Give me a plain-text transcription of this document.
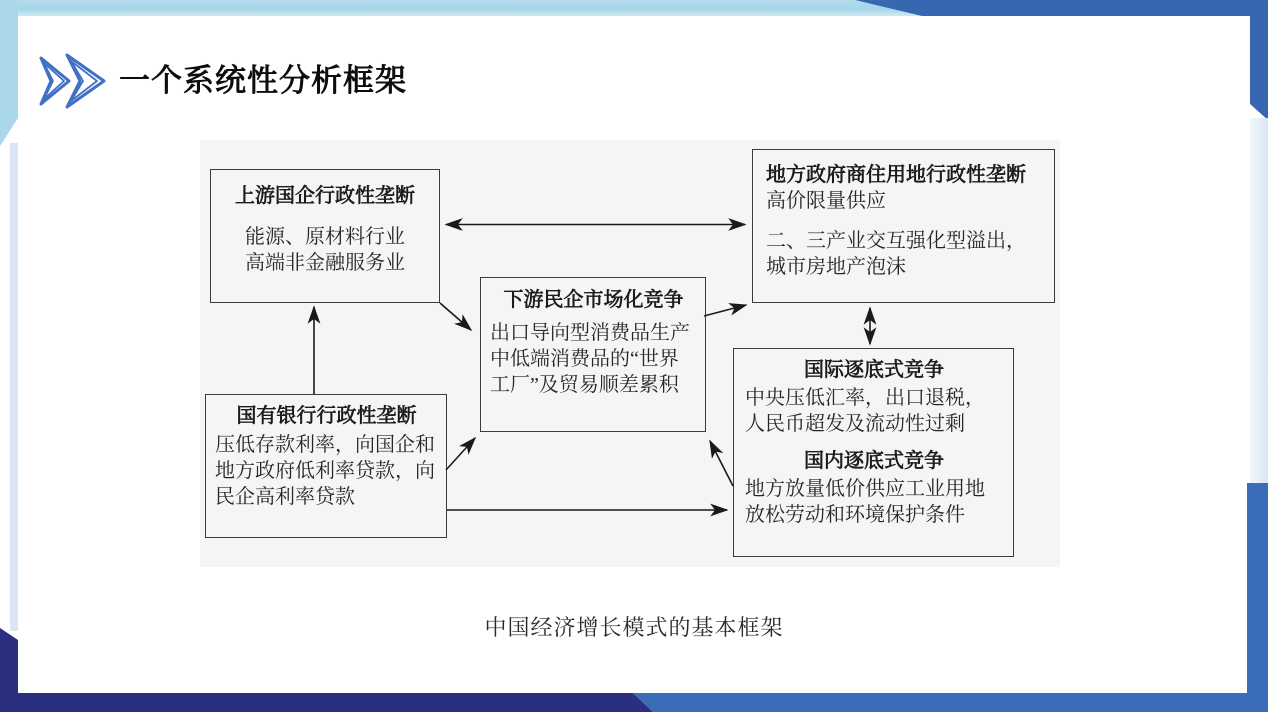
一个系统性分析框架

上游国企行政性垄断

能源、原材料行业

高端非金融服务业

地方政府商住用地行政性垄断

高价限量供应

二、三产业交互强化型溢出，城市房地产泡沫

下游民企市场化竞争

出口导向型消费品生产中低端消费品的“世界工厂”及贸易顺差累积

国有银行行政性垄断

压低存款利率，向国企和地方政府低利率贷款，向民企高利率贷款

国际逐底式竞争

中央压低汇率，出口退税，人民币超发及流动性过剩

国内逐底式竞争

地方放量低价供应工业用地放松劳动和环境保护条件

中国经济增长模式的基本框架
